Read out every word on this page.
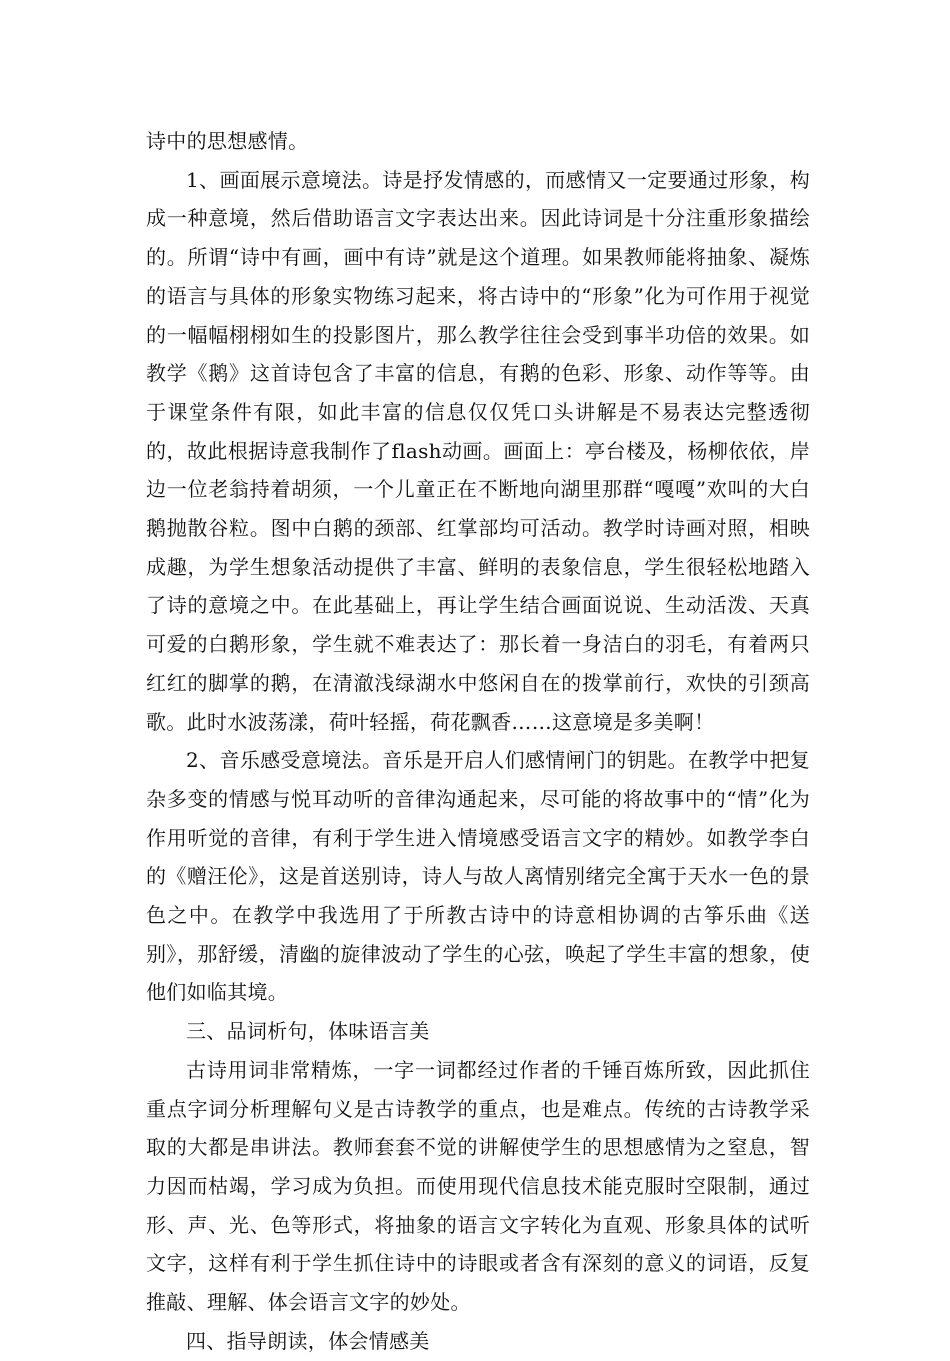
诗中的思想感情。

1、画面展示意境法。诗是抒发情感的，而感情又一定要通过形象，构成一种意境，然后借助语言文字表达出来。因此诗词是十分注重形象描绘的。所谓“诗中有画，画中有诗”就是这个道理。如果教师能将抽象、凝炼的语言与具体的形象实物练习起来，将古诗中的“形象”化为可作用于视觉的一幅幅栩栩如生的投影图片，那么教学往往会受到事半功倍的效果。如教学《鹅》这首诗包含了丰富的信息，有鹅的色彩、形象、动作等等。由于课堂条件有限，如此丰富的信息仅仅凭口头讲解是不易表达完整透彻的，故此根据诗意我制作了flash动画。画面上：亭台楼及，杨柳依依，岸边一位老翁持着胡须，一个儿童正在不断地向湖里那群“嘎嘎”欢叫的大白鹅抛散谷粒。图中白鹅的颈部、红掌部均可活动。教学时诗画对照，相映成趣，为学生想象活动提供了丰富、鲜明的表象信息，学生很轻松地踏入了诗的意境之中。在此基础上，再让学生结合画面说说、生动活泼、天真可爱的白鹅形象，学生就不难表达了：那长着一身洁白的羽毛，有着两只红红的脚掌的鹅，在清澈浅绿湖水中悠闲自在的拨掌前行，欢快的引颈高歌。此时水波荡漾，荷叶轻摇，荷花飘香……这意境是多美啊！

2、音乐感受意境法。音乐是开启人们感情闸门的钥匙。在教学中把复杂多变的情感与悦耳动听的音律沟通起来，尽可能的将故事中的“情”化为作用听觉的音律，有利于学生进入情境感受语言文字的精妙。如教学李白的《赠汪伦》，这是首送别诗，诗人与故人离情别绪完全寓于天水一色的景色之中。在教学中我选用了于所教古诗中的诗意相协调的古筝乐曲《送别》，那舒缓，清幽的旋律波动了学生的心弦，唤起了学生丰富的想象，使他们如临其境。

三、品词析句，体味语言美

古诗用词非常精炼，一字一词都经过作者的千锤百炼所致，因此抓住重点字词分析理解句义是古诗教学的重点，也是难点。传统的古诗教学采取的大都是串讲法。教师套套不觉的讲解使学生的思想感情为之窒息，智力因而枯竭，学习成为负担。而使用现代信息技术能克服时空限制，通过形、声、光、色等形式，将抽象的语言文字转化为直观、形象具体的试听文字，这样有利于学生抓住诗中的诗眼或者含有深刻的意义的词语，反复推敲、理解、体会语言文字的妙处。

四、指导朗读，体会情感美
